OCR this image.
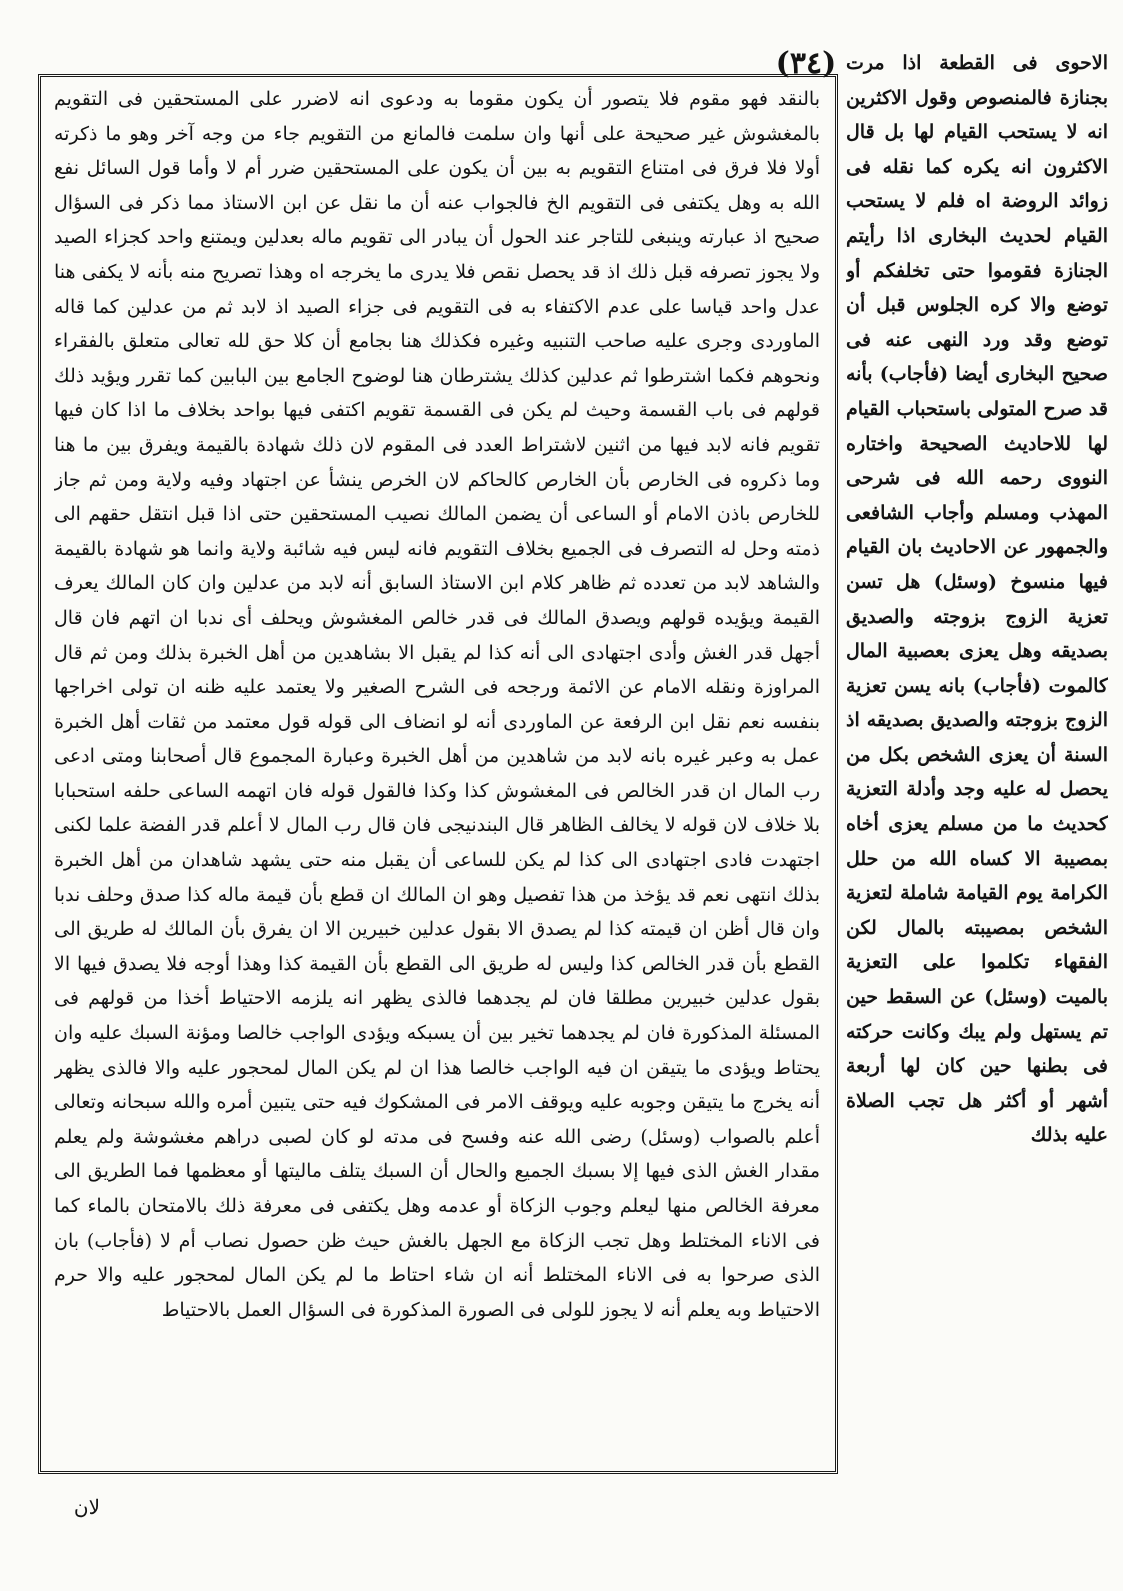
(٣٤)

بالنقد فهو مقوم فلا يتصور أن يكون مقوما به ودعوى انه لاضرر على المستحقين فى التقويم بالمغشوش غير صحيحة على أنها وان سلمت فالمانع من التقويم جاء من وجه آخر وهو ما ذكرته أولا فلا فرق فى امتناع التقويم به بين أن يكون على المستحقين ضرر أم لا وأما قول السائل نفع الله به وهل يكتفى فى التقويم الخ فالجواب عنه أن ما نقل عن ابن الاستاذ مما ذكر فى السؤال صحيح اذ عبارته وينبغى للتاجر عند الحول أن يبادر الى تقويم ماله بعدلين ويمتنع واحد كجزاء الصيد ولا يجوز تصرفه قبل ذلك اذ قد يحصل نقص فلا يدرى ما يخرجه اه وهذا تصريح منه بأنه لا يكفى هنا عدل واحد قياسا على عدم الاكتفاء به فى التقويم فى جزاء الصيد اذ لابد ثم من عدلين كما قاله الماوردى وجرى عليه صاحب التنبيه وغيره فكذلك هنا بجامع أن كلا حق لله تعالى متعلق بالفقراء ونحوهم فكما اشترطوا ثم عدلين كذلك يشترطان هنا لوضوح الجامع بين البابين كما تقرر ويؤيد ذلك قولهم فى باب القسمة وحيث لم يكن فى القسمة تقويم اكتفى فيها بواحد بخلاف ما اذا كان فيها تقويم فانه لابد فيها من اثنين لاشتراط العدد فى المقوم لان ذلك شهادة بالقيمة ويفرق بين ما هنا وما ذكروه فى الخارص بأن الخارص كالحاكم لان الخرص ينشأ عن اجتهاد وفيه ولاية ومن ثم جاز للخارص باذن الامام أو الساعى أن يضمن المالك نصيب المستحقين حتى اذا قبل انتقل حقهم الى ذمته وحل له التصرف فى الجميع بخلاف التقويم فانه ليس فيه شائبة ولاية وانما هو شهادة بالقيمة والشاهد لابد من تعدده ثم ظاهر كلام ابن الاستاذ السابق أنه لابد من عدلين وان كان المالك يعرف القيمة ويؤيده قولهم ويصدق المالك فى قدر خالص المغشوش ويحلف أى ندبا ان اتهم فان قال أجهل قدر الغش وأدى اجتهادى الى أنه كذا لم يقبل الا بشاهدين من أهل الخبرة بذلك ومن ثم قال المراوزة ونقله الامام عن الائمة ورجحه فى الشرح الصغير ولا يعتمد عليه ظنه ان تولى اخراجها بنفسه نعم نقل ابن الرفعة عن الماوردى أنه لو انضاف الى قوله قول معتمد من ثقات أهل الخبرة عمل به وعبر غيره بانه لابد من شاهدين من أهل الخبرة وعبارة المجموع قال أصحابنا ومتى ادعى رب المال ان قدر الخالص فى المغشوش كذا وكذا فالقول قوله فان اتهمه الساعى حلفه استحبابا بلا خلاف لان قوله لا يخالف الظاهر قال البندنيجى فان قال رب المال لا أعلم قدر الفضة علما لكنى اجتهدت فادى اجتهادى الى كذا لم يكن للساعى أن يقبل منه حتى يشهد شاهدان من أهل الخبرة بذلك انتهى نعم قد يؤخذ من هذا تفصيل وهو ان المالك ان قطع بأن قيمة ماله كذا صدق وحلف ندبا وان قال أظن ان قيمته كذا لم يصدق الا بقول عدلين خبيرين الا ان يفرق بأن المالك له طريق الى القطع بأن قدر الخالص كذا وليس له طريق الى القطع بأن القيمة كذا وهذا أوجه فلا يصدق فيها الا بقول عدلين خبيرين مطلقا فان لم يجدهما فالذى يظهر انه يلزمه الاحتياط أخذا من قولهم فى المسئلة المذكورة فان لم يجدهما تخير بين أن يسبكه ويؤدى الواجب خالصا ومؤنة السبك عليه وان يحتاط ويؤدى ما يتيقن ان فيه الواجب خالصا هذا ان لم يكن المال لمحجور عليه والا فالذى يظهر أنه يخرج ما يتيقن وجوبه عليه ويوقف الامر فى المشكوك فيه حتى يتبين أمره والله سبحانه وتعالى أعلم بالصواب (وسئل) رضى الله عنه وفسح فى مدته لو كان لصبى دراهم مغشوشة ولم يعلم مقدار الغش الذى فيها إلا بسبك الجميع والحال أن السبك يتلف ماليتها أو معظمها فما الطريق الى معرفة الخالص منها ليعلم وجوب الزكاة أو عدمه وهل يكتفى فى معرفة ذلك بالامتحان بالماء كما فى الاناء المختلط وهل تجب الزكاة مع الجهل بالغش حيث ظن حصول نصاب أم لا (فأجاب) بان الذى صرحوا به فى الاناء المختلط أنه ان شاء احتاط ما لم يكن المال لمحجور عليه والا حرم الاحتياط وبه يعلم أنه لا يجوز للولى فى الصورة المذكورة فى السؤال العمل بالاحتياط

الاحوى فى القطعة اذا مرت بجنازة فالمنصوص وقول الاكثرين انه لا يستحب القيام لها بل قال الاكثرون انه يكره كما نقله فى زوائد الروضة اه فلم لا يستحب القيام لحديث البخارى اذا رأيتم الجنازة فقوموا حتى تخلفكم أو توضع والا كره الجلوس قبل أن توضع وقد ورد النهى عنه فى صحيح البخارى أيضا (فأجاب) بأنه قد صرح المتولى باستحباب القيام لها للاحاديث الصحيحة واختاره النووى رحمه الله فى شرحى المهذب ومسلم وأجاب الشافعى والجمهور عن الاحاديث بان القيام فيها منسوخ (وسئل) هل تسن تعزية الزوج بزوجته والصديق بصديقه وهل يعزى بعصبية المال كالموت (فأجاب) بانه يسن تعزية الزوج بزوجته والصديق بصديقه اذ السنة أن يعزى الشخص بكل من يحصل له عليه وجد وأدلة التعزية كحديث ما من مسلم يعزى أخاه بمصيبة الا كساه الله من حلل الكرامة يوم القيامة شاملة لتعزية الشخص بمصيبته بالمال لكن الفقهاء تكلموا على التعزية بالميت (وسئل) عن السقط حين تم يستهل ولم يبك وكانت حركته فى بطنها حين كان لها أربعة أشهر أو أكثر هل تجب الصلاة عليه بذلك

لان
